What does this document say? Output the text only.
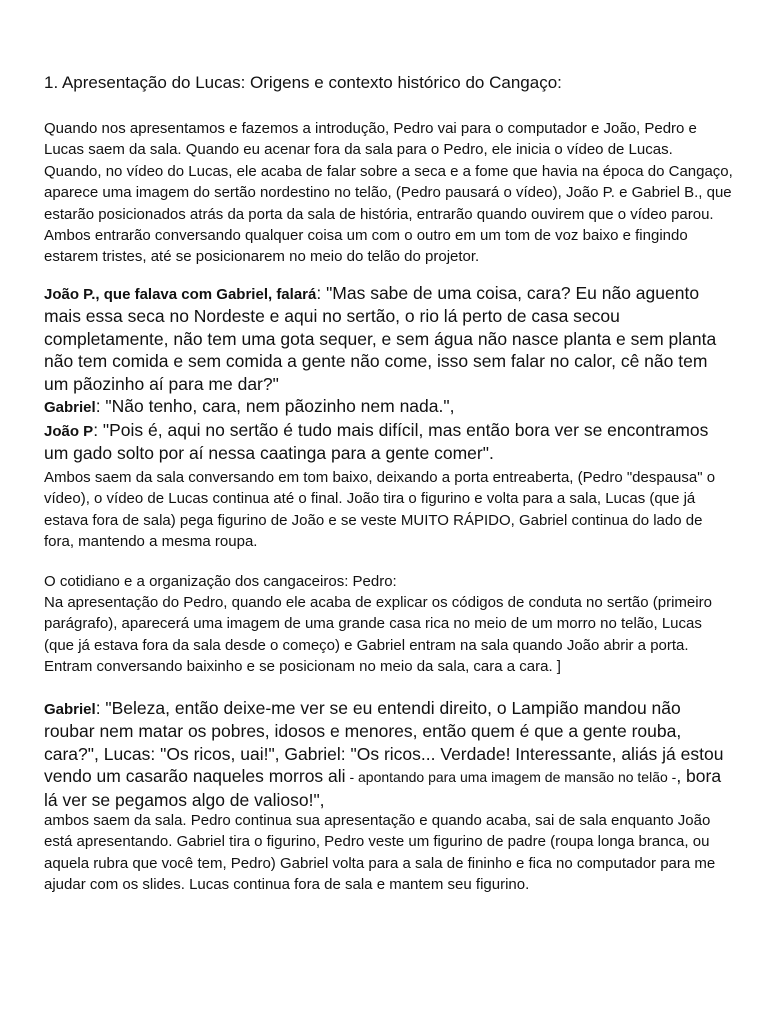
1. Apresentação do Lucas: Origens e contexto histórico do Cangaço:

Quando nos apresentamos e fazemos a introdução, Pedro vai para o computador e João, Pedro e Lucas saem da sala. Quando eu acenar fora da sala para o Pedro, ele inicia o vídeo de Lucas. Quando, no vídeo do Lucas, ele acaba de falar sobre a seca e a fome que havia na época do Cangaço, aparece uma imagem do sertão nordestino no telão, (Pedro pausará o vídeo), João P. e Gabriel B., que estarão posicionados atrás da porta da sala de história, entrarão quando ouvirem que o vídeo parou. Ambos entrarão conversando qualquer coisa um com o outro em um tom de voz baixo e fingindo estarem tristes, até se posicionarem no meio do telão do projetor.

João P., que falava com Gabriel, falará: "Mas sabe de uma coisa, cara? Eu não aguento mais essa seca no Nordeste e aqui no sertão, o rio lá perto de casa secou completamente, não tem uma gota sequer, e sem água não nasce planta e sem planta não tem comida e sem comida a gente não come, isso sem falar no calor, cê não tem um pãozinho aí para me dar?"
Gabriel: "Não tenho, cara, nem pãozinho nem nada.",
João P: "Pois é, aqui no sertão é tudo mais difícil, mas então bora ver se encontramos um gado solto por aí nessa caatinga para a gente comer".

Ambos saem da sala conversando em tom baixo, deixando a porta entreaberta, (Pedro "despausa" o vídeo), o vídeo de Lucas continua até o final. João tira o figurino e volta para a sala, Lucas (que já estava fora de sala) pega figurino de João e se veste MUITO RÁPIDO, Gabriel continua do lado de fora, mantendo a mesma roupa.

O cotidiano e a organização dos cangaceiros: Pedro:

Na apresentação do Pedro, quando ele acaba de explicar os códigos de conduta no sertão (primeiro parágrafo), aparecerá uma imagem de uma grande casa rica no meio de um morro no telão, Lucas (que já estava fora da sala desde o começo) e Gabriel entram na sala quando João abrir a porta. Entram conversando baixinho e se posicionam no meio da sala, cara a cara. ]

Gabriel: "Beleza, então deixe-me ver se eu entendi direito, o Lampião mandou não roubar nem matar os pobres, idosos e menores, então quem é que a gente rouba, cara?", Lucas: "Os ricos, uai!", Gabriel: "Os ricos... Verdade! Interessante, aliás já estou vendo um casarão naqueles morros ali - apontando para uma imagem de mansão no telão -, bora lá ver se pegamos algo de valioso!",

ambos saem da sala. Pedro continua sua apresentação e quando acaba, sai de sala enquanto João está apresentando. Gabriel tira o figurino, Pedro veste um figurino de padre (roupa longa branca, ou aquela rubra que você tem, Pedro) Gabriel volta para a sala de fininho e fica no computador para me ajudar com os slides. Lucas continua fora de sala e mantem seu figurino.
